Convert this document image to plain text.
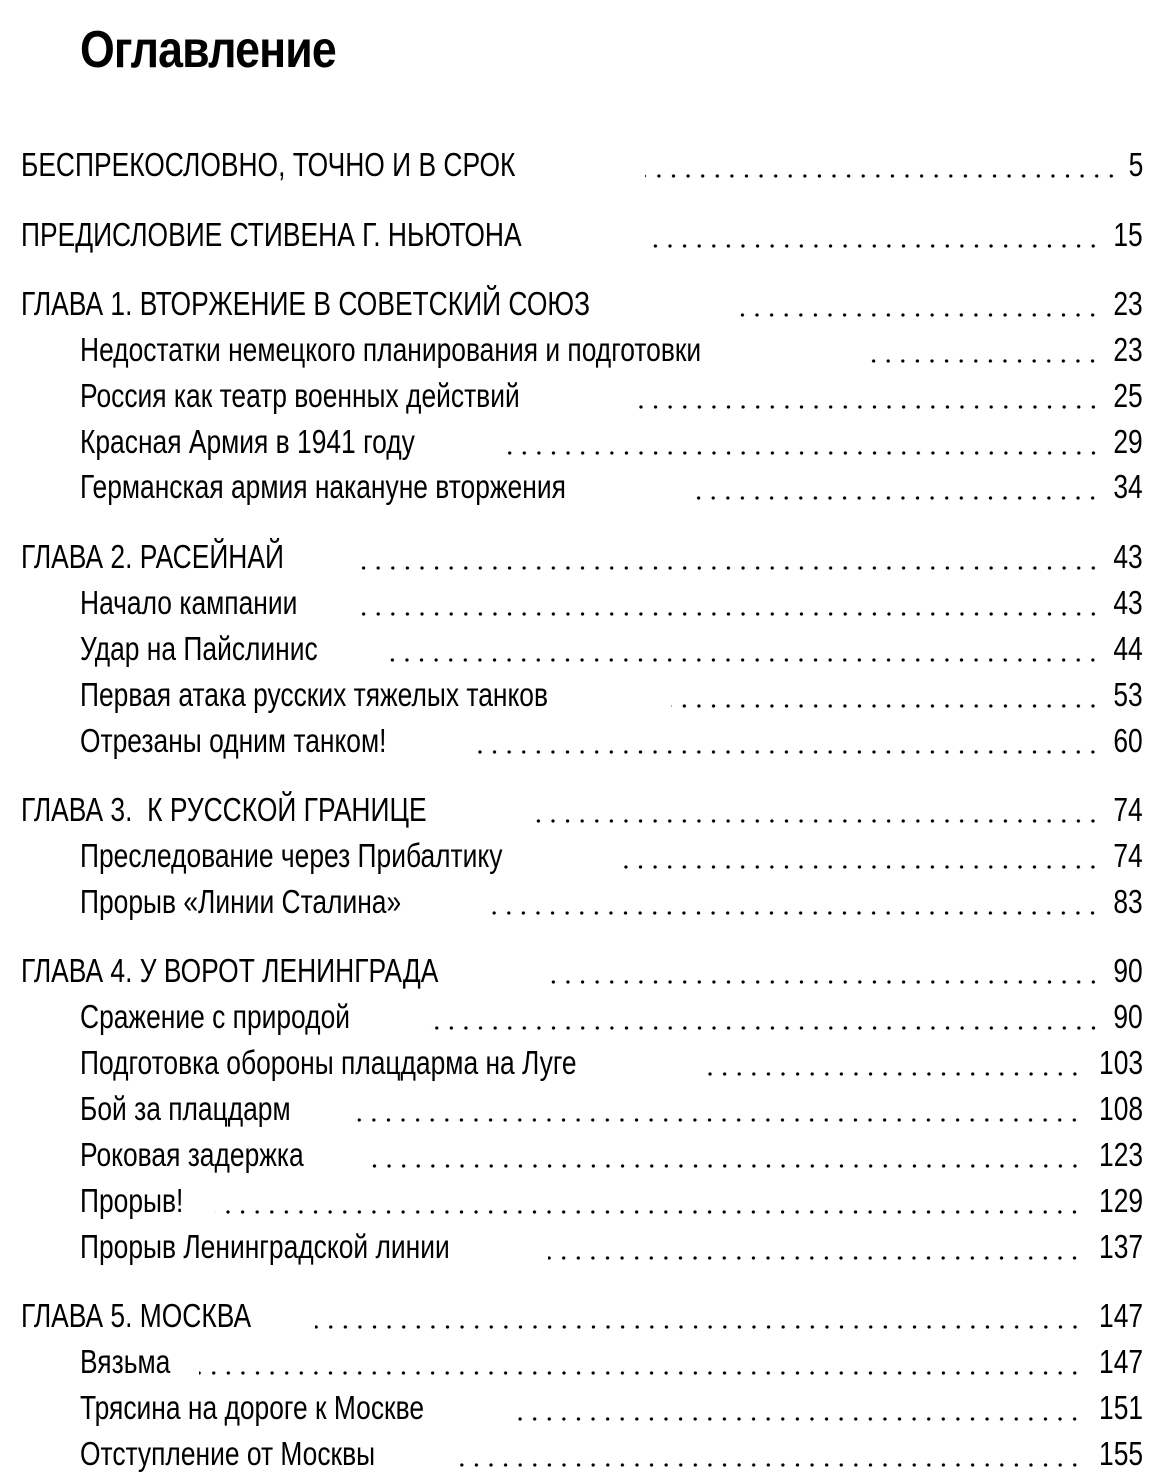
Оглавление
БЕСПРЕКОСЛОВНО, ТОЧНО И В СРОК	5
ПРЕДИСЛОВИЕ СТИВЕНА Г. НЬЮТОНА	15
ГЛАВА 1. ВТОРЖЕНИЕ В СОВЕТСКИЙ СОЮЗ	23
Недостатки немецкого планирования и подготовки	23
Россия как театр военных действий	25
Красная Армия в 1941 году	29
Германская армия накануне вторжения	34
ГЛАВА 2. РАСЕЙНАЙ	43
Начало кампании	43
Удар на Пайслинис	44
Первая атака русских тяжелых танков	53
Отрезаны одним танком!	60
ГЛАВА 3.  К РУССКОЙ ГРАНИЦЕ	74
Преследование через Прибалтику	74
Прорыв «Линии Сталина»	83
ГЛАВА 4. У ВОРОТ ЛЕНИНГРАДА	90
Сражение с природой	90
Подготовка обороны плацдарма на Луге	103
Бой за плацдарм	108
Роковая задержка	123
Прорыв!	129
Прорыв Ленинградской линии	137
ГЛАВА 5. МОСКВА	147
Вязьма	147
Трясина на дороге к Москве	151
Отступление от Москвы	155
